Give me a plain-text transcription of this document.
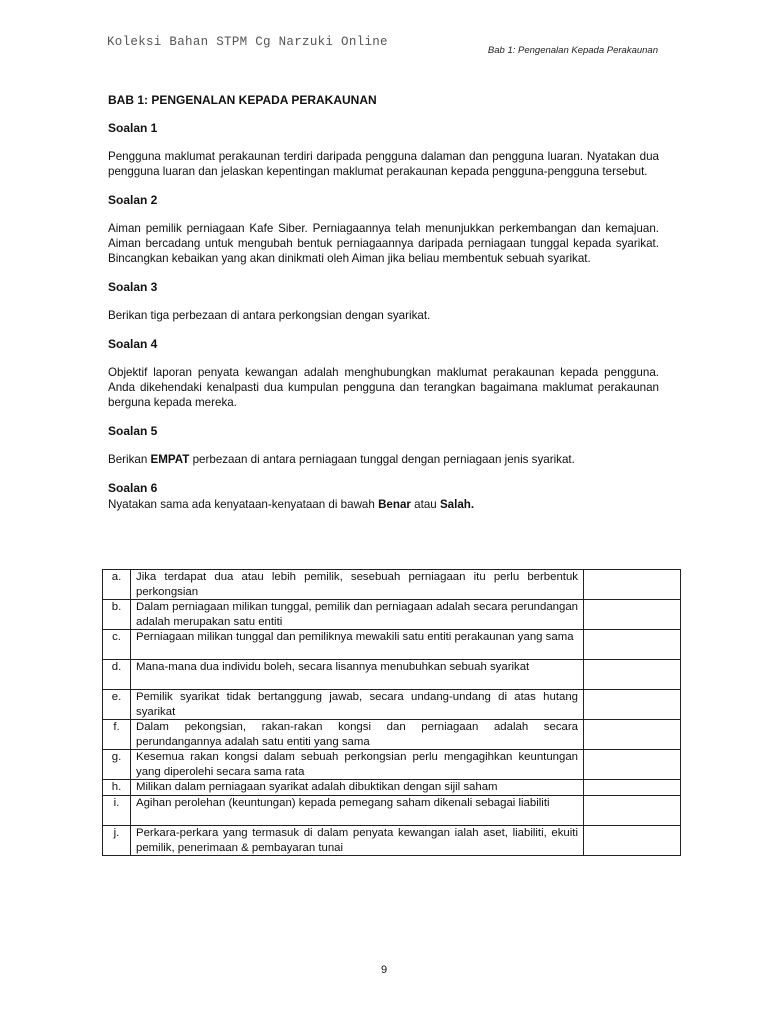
Koleksi Bahan STPM Cg Narzuki Online
Bab 1: Pengenalan Kepada Perakaunan

BAB 1: PENGENALAN KEPADA PERAKAUNAN

Soalan 1

Pengguna maklumat perakaunan terdiri daripada pengguna dalaman dan pengguna luaran. Nyatakan dua pengguna luaran dan jelaskan kepentingan maklumat perakaunan kepada pengguna-pengguna tersebut.

Soalan 2

Aiman pemilik perniagaan Kafe Siber. Perniagaannya telah menunjukkan perkembangan dan kemajuan. Aiman bercadang untuk mengubah bentuk perniagaannya daripada perniagaan tunggal kepada syarikat. Bincangkan kebaikan yang akan dinikmati oleh Aiman jika beliau membentuk sebuah syarikat.

Soalan 3

Berikan tiga perbezaan di antara perkongsian dengan syarikat.

Soalan 4

Objektif laporan penyata kewangan adalah menghubungkan maklumat perakaunan kepada pengguna. Anda dikehendaki kenalpasti dua kumpulan pengguna dan terangkan bagaimana maklumat perakaunan berguna kepada mereka.

Soalan 5

Berikan EMPAT perbezaan di antara perniagaan tunggal dengan perniagaan jenis syarikat.

Soalan 6

Nyatakan sama ada kenyataan-kenyataan di bawah Benar atau Salah.

a.	Jika terdapat dua atau lebih pemilik, sesebuah perniagaan itu perlu berbentuk perkongsian	
b.	Dalam perniagaan milikan tunggal, pemilik dan perniagaan adalah secara perundangan adalah merupakan satu entiti	
c.	Perniagaan milikan tunggal dan pemiliknya mewakili satu entiti perakaunan yang sama	
d.	Mana-mana dua individu boleh, secara lisannya menubuhkan sebuah syarikat	
e.	Pemilik syarikat tidak bertanggung jawab, secara undang-undang di atas hutang syarikat	
f.	Dalam pekongsian, rakan-rakan kongsi dan perniagaan adalah secara perundangannya adalah satu entiti yang sama	
g.	Kesemua rakan kongsi dalam sebuah perkongsian perlu mengagihkan keuntungan yang diperolehi secara sama rata	
h.	Milikan dalam perniagaan syarikat adalah dibuktikan dengan sijil saham	
i.	Agihan perolehan (keuntungan) kepada pemegang saham dikenali sebagai liabiliti	
j.	Perkara-perkara yang termasuk di dalam penyata kewangan ialah aset, liabiliti, ekuiti pemilik, penerimaan & pembayaran tunai	
9
